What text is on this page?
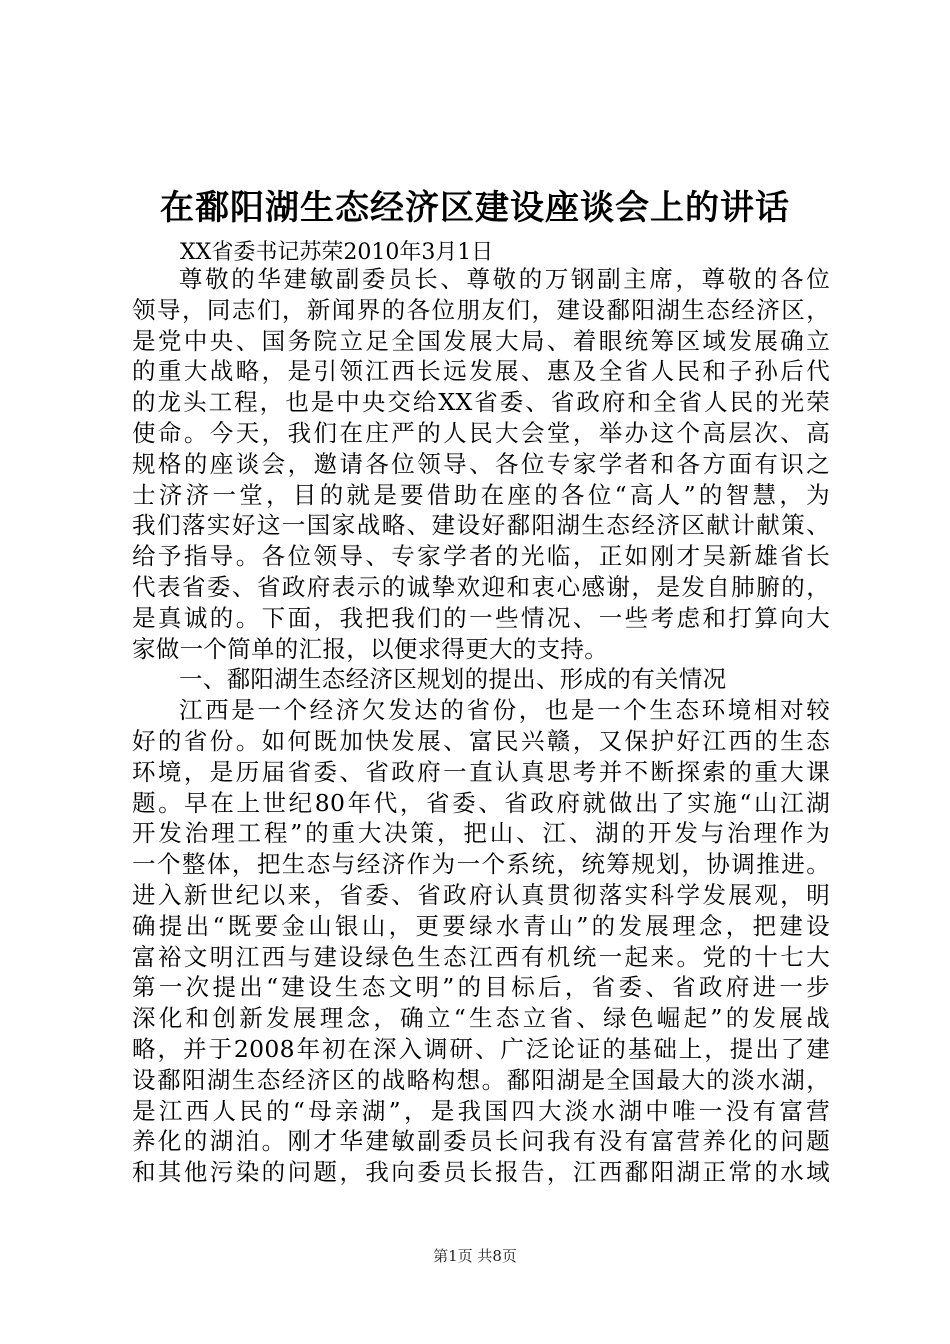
在鄱阳湖生态经济区建设座谈会上的讲话
XX省委书记苏荣2010年3月1日
尊敬的华建敏副委员长、尊敬的万钢副主席，尊敬的各位
领导，同志们，新闻界的各位朋友们，建设鄱阳湖生态经济区，
是党中央、国务院立足全国发展大局、着眼统筹区域发展确立
的重大战略，是引领江西长远发展、惠及全省人民和子孙后代
的龙头工程，也是中央交给XX省委、省政府和全省人民的光荣
使命。今天，我们在庄严的人民大会堂，举办这个高层次、高
规格的座谈会，邀请各位领导、各位专家学者和各方面有识之
士济济一堂，目的就是要借助在座的各位“高人”的智慧，为
我们落实好这一国家战略、建设好鄱阳湖生态经济区献计献策、
给予指导。各位领导、专家学者的光临，正如刚才吴新雄省长
代表省委、省政府表示的诚挚欢迎和衷心感谢，是发自肺腑的，
是真诚的。下面，我把我们的一些情况、一些考虑和打算向大
家做一个简单的汇报，以便求得更大的支持。
一、鄱阳湖生态经济区规划的提出、形成的有关情况
江西是一个经济欠发达的省份，也是一个生态环境相对较
好的省份。如何既加快发展、富民兴赣，又保护好江西的生态
环境，是历届省委、省政府一直认真思考并不断探索的重大课
题。早在上世纪80年代，省委、省政府就做出了实施“山江湖
开发治理工程”的重大决策，把山、江、湖的开发与治理作为
一个整体，把生态与经济作为一个系统，统筹规划，协调推进。
进入新世纪以来，省委、省政府认真贯彻落实科学发展观，明
确提出“既要金山银山，更要绿水青山”的发展理念，把建设
富裕文明江西与建设绿色生态江西有机统一起来。党的十七大
第一次提出“建设生态文明”的目标后，省委、省政府进一步
深化和创新发展理念，确立“生态立省、绿色崛起”的发展战
略，并于2008年初在深入调研、广泛论证的基础上，提出了建
设鄱阳湖生态经济区的战略构想。鄱阳湖是全国最大的淡水湖，
是江西人民的“母亲湖”，是我国四大淡水湖中唯一没有富营
养化的湖泊。刚才华建敏副委员长问我有没有富营养化的问题
和其他污染的问题，我向委员长报告，江西鄱阳湖正常的水域
第1页 共8页
